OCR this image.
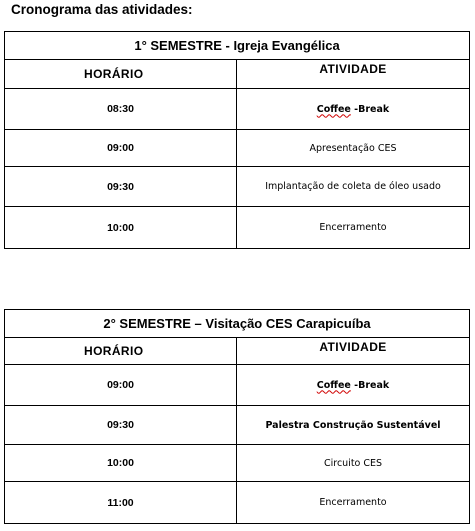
Cronograma das atividades:
1° SEMESTRE - Igreja Evangélica	
HORÁRIO	ATIVIDADE
08:30	Coffee -Break
09:00	Apresentação CES
09:30	Implantação de coleta de óleo usado
10:00	Encerramento
2° SEMESTRE – Visitação CES Carapicuíba	
HORÁRIO	ATIVIDADE
09:00	Coffee -Break
09:30	Palestra Construção Sustentável
10:00	Circuito CES
11:00	Encerramento
